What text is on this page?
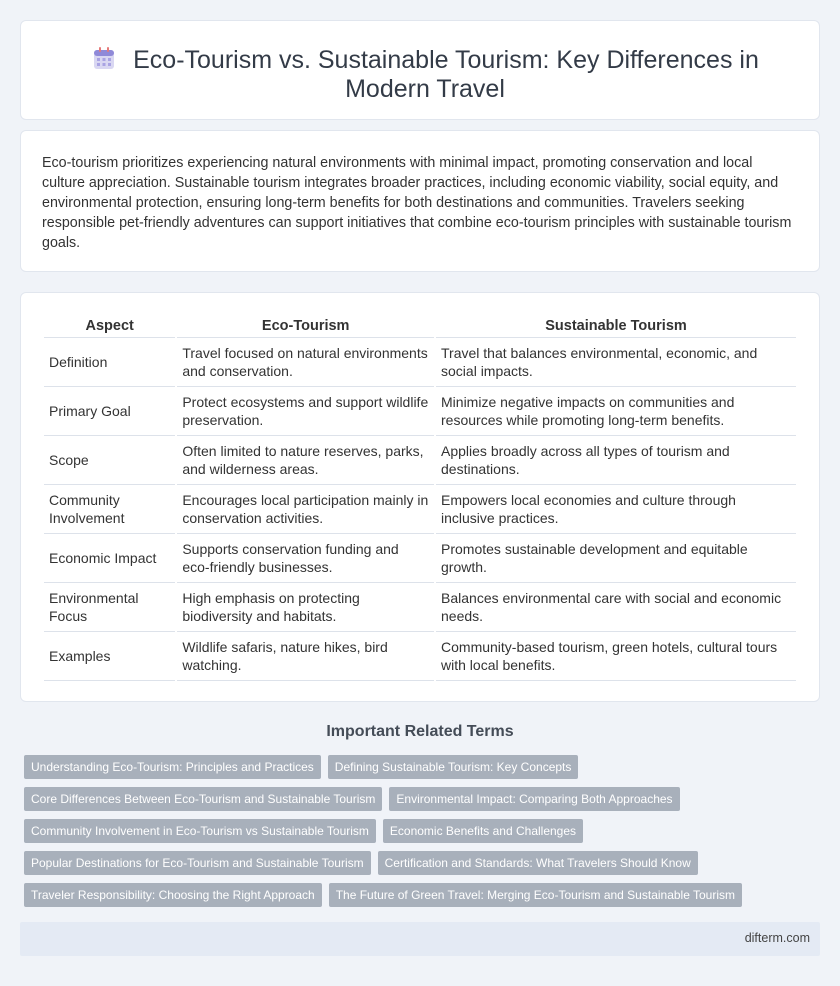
Eco-Tourism vs. Sustainable Tourism: Key Differences in Modern Travel

Eco-tourism prioritizes experiencing natural environments with minimal impact, promoting conservation and local culture appreciation. Sustainable tourism integrates broader practices, including economic viability, social equity, and environmental protection, ensuring long-term benefits for both destinations and communities. Travelers seeking responsible pet-friendly adventures can support initiatives that combine eco-tourism principles with sustainable tourism goals.

Aspect	Eco-Tourism	Sustainable Tourism
Definition	Travel focused on natural environments and conservation.	Travel that balances environmental, economic, and social impacts.
Primary Goal	Protect ecosystems and support wildlife preservation.	Minimize negative impacts on communities and resources while promoting long-term benefits.
Scope	Often limited to nature reserves, parks, and wilderness areas.	Applies broadly across all types of tourism and destinations.
Community Involvement	Encourages local participation mainly in conservation activities.	Empowers local economies and culture through inclusive practices.
Economic Impact	Supports conservation funding and eco-friendly businesses.	Promotes sustainable development and equitable growth.
Environmental Focus	High emphasis on protecting biodiversity and habitats.	Balances environmental care with social and economic needs.
Examples	Wildlife safaris, nature hikes, bird watching.	Community-based tourism, green hotels, cultural tours with local benefits.
Important Related Terms
Understanding Eco-Tourism: Principles and Practices	Defining Sustainable Tourism: Key Concepts
Core Differences Between Eco-Tourism and Sustainable Tourism	Environmental Impact: Comparing Both Approaches
Community Involvement in Eco-Tourism vs Sustainable Tourism	Economic Benefits and Challenges
Popular Destinations for Eco-Tourism and Sustainable Tourism	Certification and Standards: What Travelers Should Know
Traveler Responsibility: Choosing the Right Approach	The Future of Green Travel: Merging Eco-Tourism and Sustainable Tourism
difterm.com
